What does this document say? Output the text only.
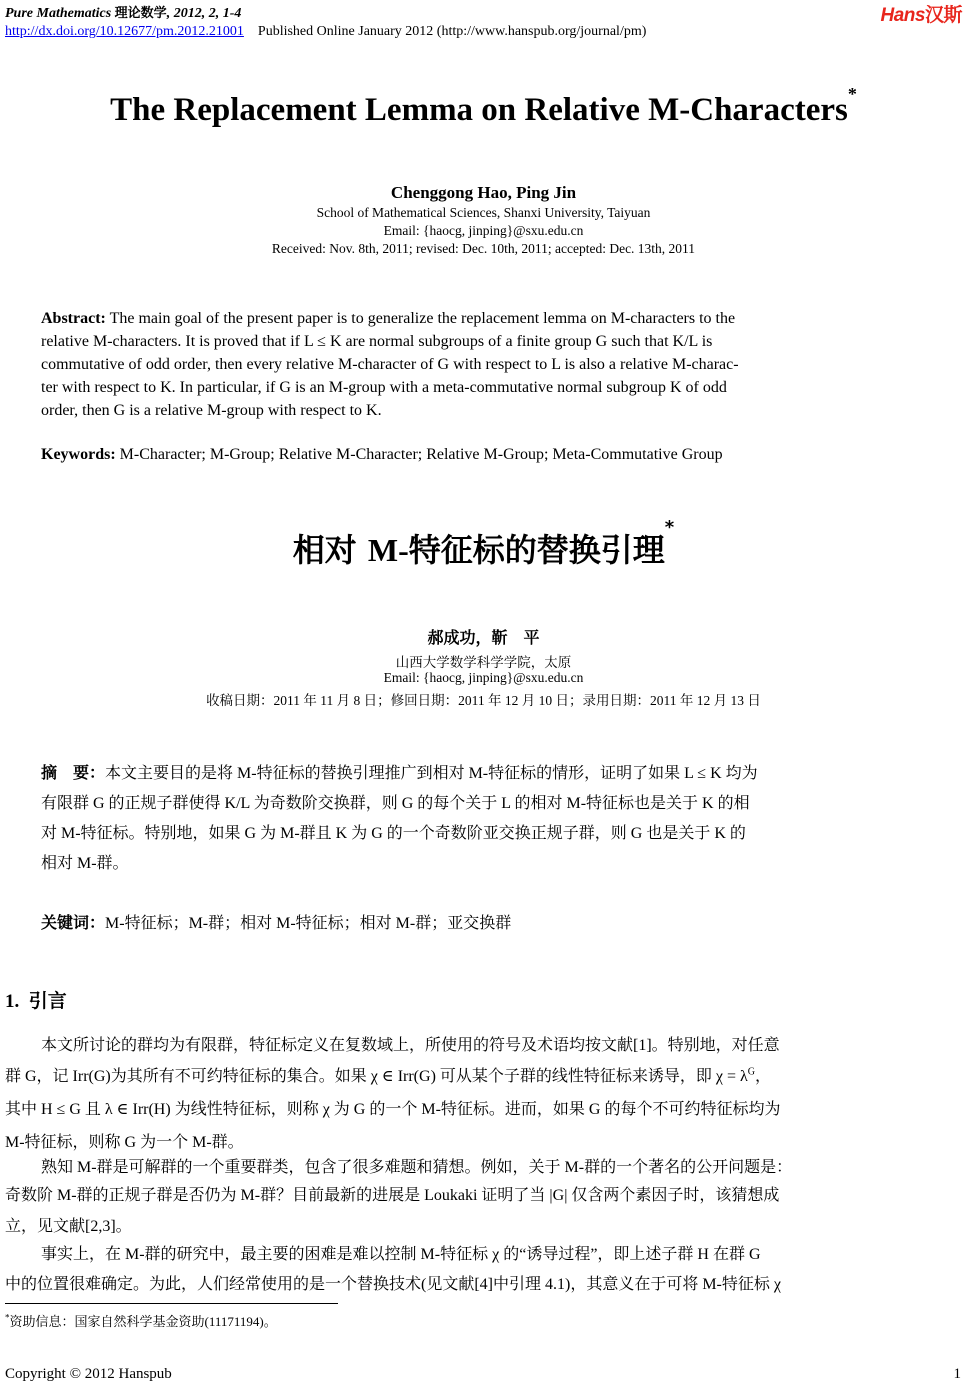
Pure Mathematics 理论数学, 2012, 2, 1-4
http://dx.doi.org/10.12677/pm.2012.21001 Published Online January 2012 (http://www.hanspub.org/journal/pm)
Hans汉斯
The Replacement Lemma on Relative M-Characters*
Chenggong Hao, Ping Jin
School of Mathematical Sciences, Shanxi University, Taiyuan
Email: {haocg, jinping}@sxu.edu.cn
Received: Nov. 8th, 2011; revised: Dec. 10th, 2011; accepted: Dec. 13th, 2011
Abstract: The main goal of the present paper is to generalize the replacement lemma on M-characters to the
relative M-characters. It is proved that if L ≤ K are normal subgroups of a finite group G such that K/L is
commutative of odd order, then every relative M-character of G with respect to L is also a relative M-charac-
ter with respect to K. In particular, if G is an M-group with a meta-commutative normal subgroup K of odd
order, then G is a relative M-group with respect to K.
Keywords: M-Character; M-Group; Relative M-Character; Relative M-Group; Meta-Commutative Group
相对 M-特征标的替换引理*
郝成功，靳　平
山西大学数学科学学院，太原
Email: {haocg, jinping}@sxu.edu.cn
收稿日期：2011 年 11 月 8 日；修回日期：2011 年 12 月 10 日；录用日期：2011 年 12 月 13 日
摘　要：本文主要目的是将 M-特征标的替换引理推广到相对 M-特征标的情形，证明了如果 L ≤ K 均为
有限群 G 的正规子群使得 K/L 为奇数阶交换群，则 G 的每个关于 L 的相对 M-特征标也是关于 K 的相
对 M-特征标。特别地，如果 G 为 M-群且 K 为 G 的一个奇数阶亚交换正规子群，则 G 也是关于 K 的
相对 M-群。
关键词：M-特征标；M-群；相对 M-特征标；相对 M-群；亚交换群
1. 引言
本文所讨论的群均为有限群，特征标定义在复数域上，所使用的符号及术语均按文献[1]。特别地，对任意
群 G，记 Irr(G)为其所有不可约特征标的集合。如果 χ ∈ Irr(G) 可从某个子群的线性特征标来诱导，即 $\chi = \lambda^G$，
其中 H ≤ G 且 λ ∈ Irr(H) 为线性特征标，则称 χ 为 G 的一个 M-特征标。进而，如果 G 的每个不可约特征标均为
M-特征标，则称 G 为一个 M-群。
熟知 M-群是可解群的一个重要群类，包含了很多难题和猜想。例如，关于 M-群的一个著名的公开问题是：
奇数阶 M-群的正规子群是否仍为 M-群？目前最新的进展是 Loukaki 证明了当 |G| 仅含两个素因子时，该猜想成
立，见文献[2,3]。
事实上，在 M-群的研究中，最主要的困难是难以控制 M-特征标 χ 的“诱导过程”，即上述子群 H 在群 G
中的位置很难确定。为此，人们经常使用的是一个替换技术(见文献[4]中引理 4.1)，其意义在于可将 M-特征标 χ
*资助信息：国家自然科学基金资助(11171194)。
Copyright © 2012 Hanspub	1
